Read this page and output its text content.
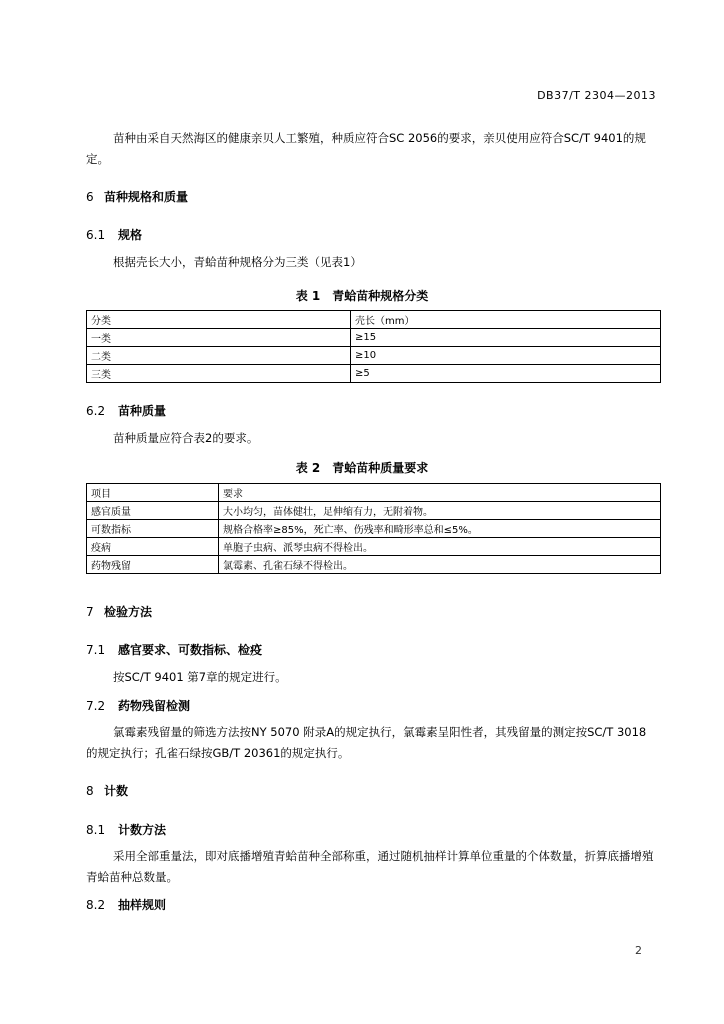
DB37/T 2304—2013
苗种由采自天然海区的健康亲贝人工繁殖，种质应符合SC 2056的要求，亲贝使用应符合SC/T 9401的规定。
6 苗种规格和质量
6.1 规格
根据壳长大小，青蛤苗种规格分为三类（见表1）
表 1　青蛤苗种规格分类
分类	壳长（mm）
一类	≥15
二类	≥10
三类	≥5
6.2 苗种质量
苗种质量应符合表2的要求。
表 2　青蛤苗种质量要求
项目	要求
感官质量	大小均匀，苗体健壮，足伸缩有力，无附着物。
可数指标	规格合格率≥85%，死亡率、伤残率和畸形率总和≤5%。
疫病	单胞子虫病、派琴虫病不得检出。
药物残留	氯霉素、孔雀石绿不得检出。
7 检验方法
7.1 感官要求、可数指标、检疫
按SC/T 9401 第7章的规定进行。
7.2 药物残留检测
氯霉素残留量的筛选方法按NY 5070 附录A的规定执行，氯霉素呈阳性者，其残留量的测定按SC/T 3018 的规定执行；孔雀石绿按GB/T 20361的规定执行。
8 计数
8.1 计数方法
采用全部重量法，即对底播增殖青蛤苗种全部称重，通过随机抽样计算单位重量的个体数量，折算底播增殖青蛤苗种总数量。
8.2 抽样规则
2
